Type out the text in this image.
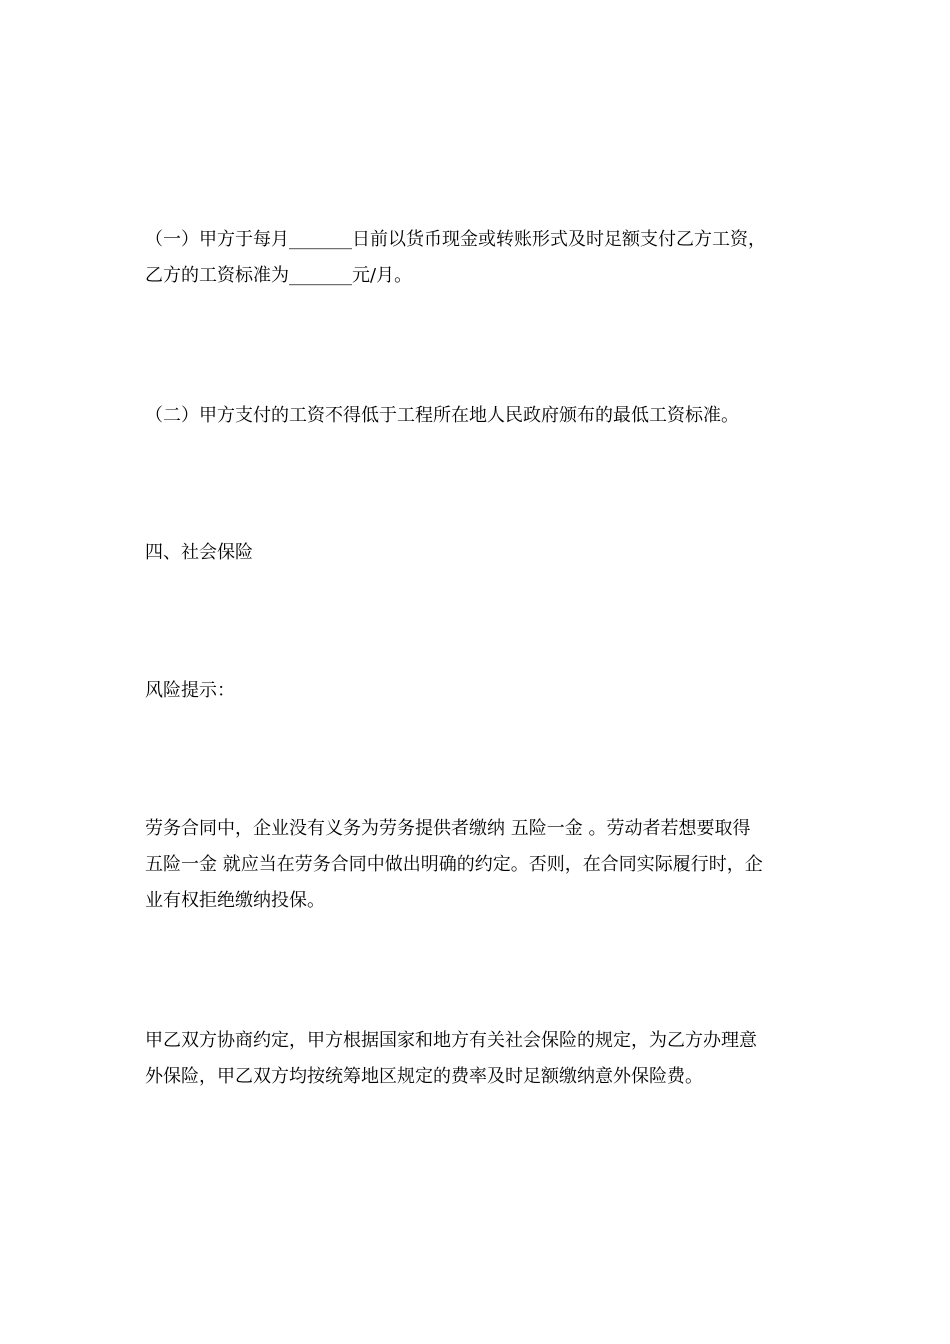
（一）甲方于每月_______日前以货币现金或转账形式及时足额支付乙方工资，
乙方的工资标准为_______元/月。

（二）甲方支付的工资不得低于工程所在地人民政府颁布的最低工资标准。

四、社会保险

风险提示：

劳务合同中，企业没有义务为劳务提供者缴纳 五险一金 。劳动者若想要取得
五险一金 就应当在劳务合同中做出明确的约定。否则，在合同实际履行时，企
业有权拒绝缴纳投保。

甲乙双方协商约定，甲方根据国家和地方有关社会保险的规定，为乙方办理意
外保险，甲乙双方均按统筹地区规定的费率及时足额缴纳意外保险费。
